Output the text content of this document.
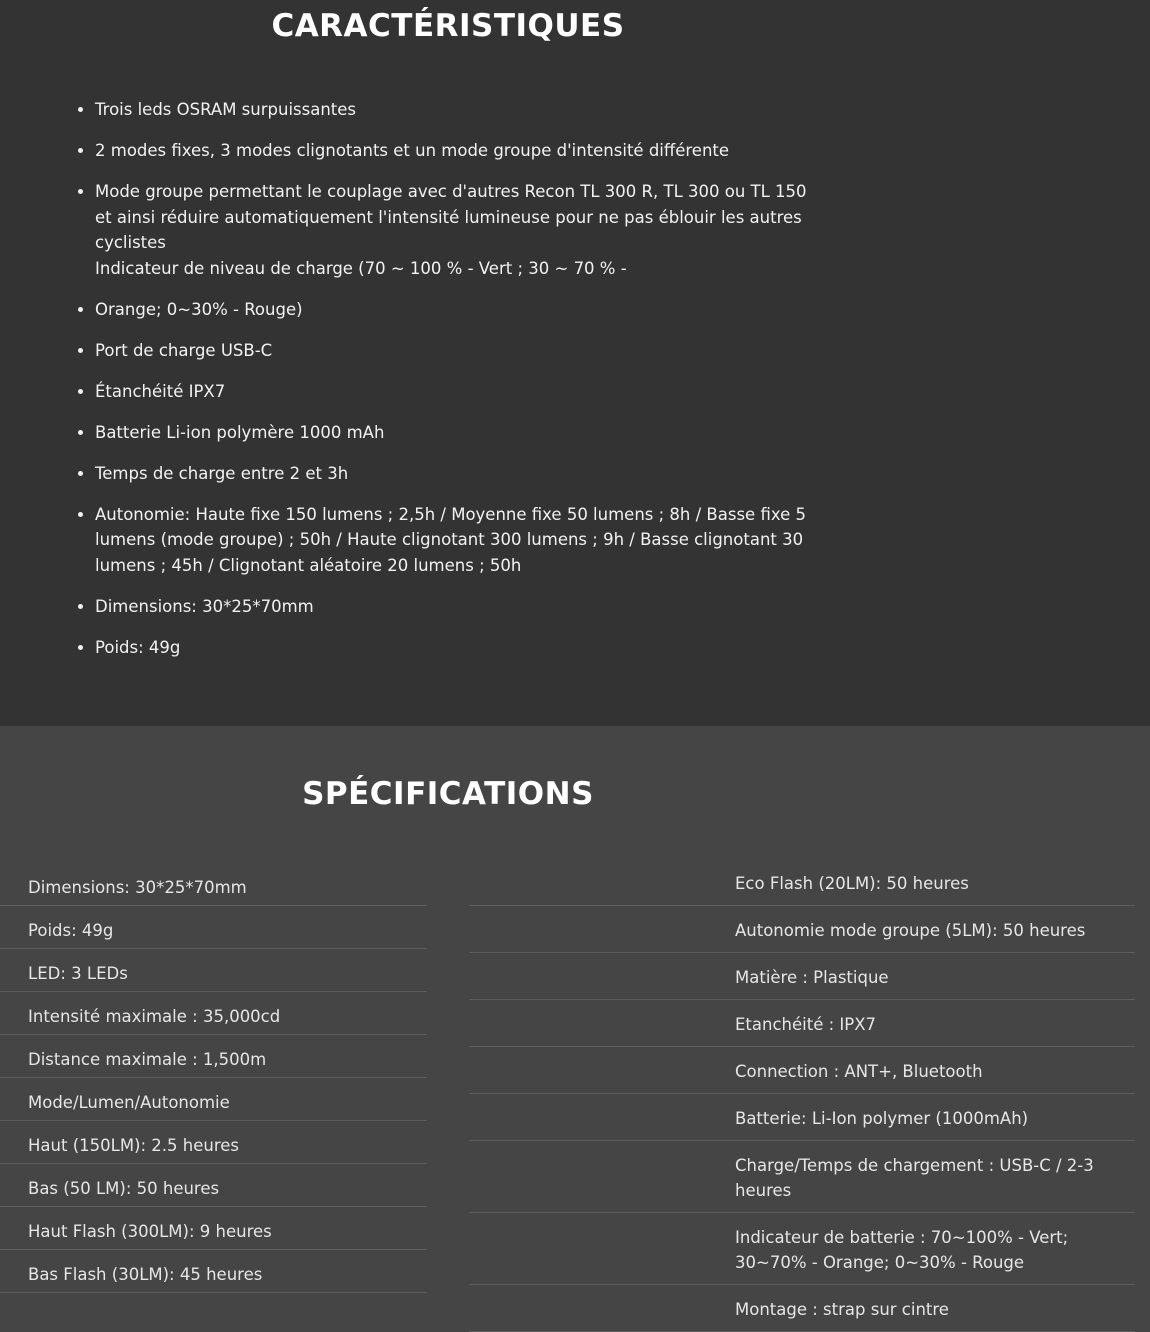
CARACTÉRISTIQUES
• Trois leds OSRAM surpuissantes
• 2 modes fixes, 3 modes clignotants et un mode groupe d'intensité différente
• Mode groupe permettant le couplage avec d'autres Recon TL 300 R, TL 300 ou TL 150 et ainsi réduire automatiquement l'intensité lumineuse pour ne pas éblouir les autres cyclistes
Indicateur de niveau de charge (70 ~ 100 % - Vert ; 30 ~ 70 % -
• Orange; 0~30% - Rouge)
• Port de charge USB-C
• Étanchéité IPX7
• Batterie Li-ion polymère 1000 mAh
• Temps de charge entre 2 et 3h
• Autonomie: Haute fixe 150 lumens ; 2,5h / Moyenne fixe 50 lumens ; 8h / Basse fixe 5 lumens (mode groupe) ; 50h / Haute clignotant 300 lumens ; 9h / Basse clignotant 30 lumens ; 45h / Clignotant aléatoire 20 lumens ; 50h
• Dimensions: 30*25*70mm
• Poids: 49g
SPÉCIFICATIONS
Dimensions: 30*25*70mm
Poids: 49g
LED: 3 LEDs
Intensité maximale : 35,000cd
Distance maximale : 1,500m
Mode/Lumen/Autonomie
Haut (150LM): 2.5 heures
Bas (50 LM): 50 heures
Haut Flash (300LM): 9 heures
Bas Flash (30LM): 45 heures
Eco Flash (20LM): 50 heures
Autonomie mode groupe (5LM): 50 heures
Matière : Plastique
Etanchéité : IPX7
Connection : ANT+, Bluetooth
Batterie: Li-Ion polymer (1000mAh)
Charge/Temps de chargement : USB-C / 2-3 heures
Indicateur de batterie : 70~100% - Vert; 30~70% - Orange; 0~30% - Rouge
Montage : strap sur cintre
